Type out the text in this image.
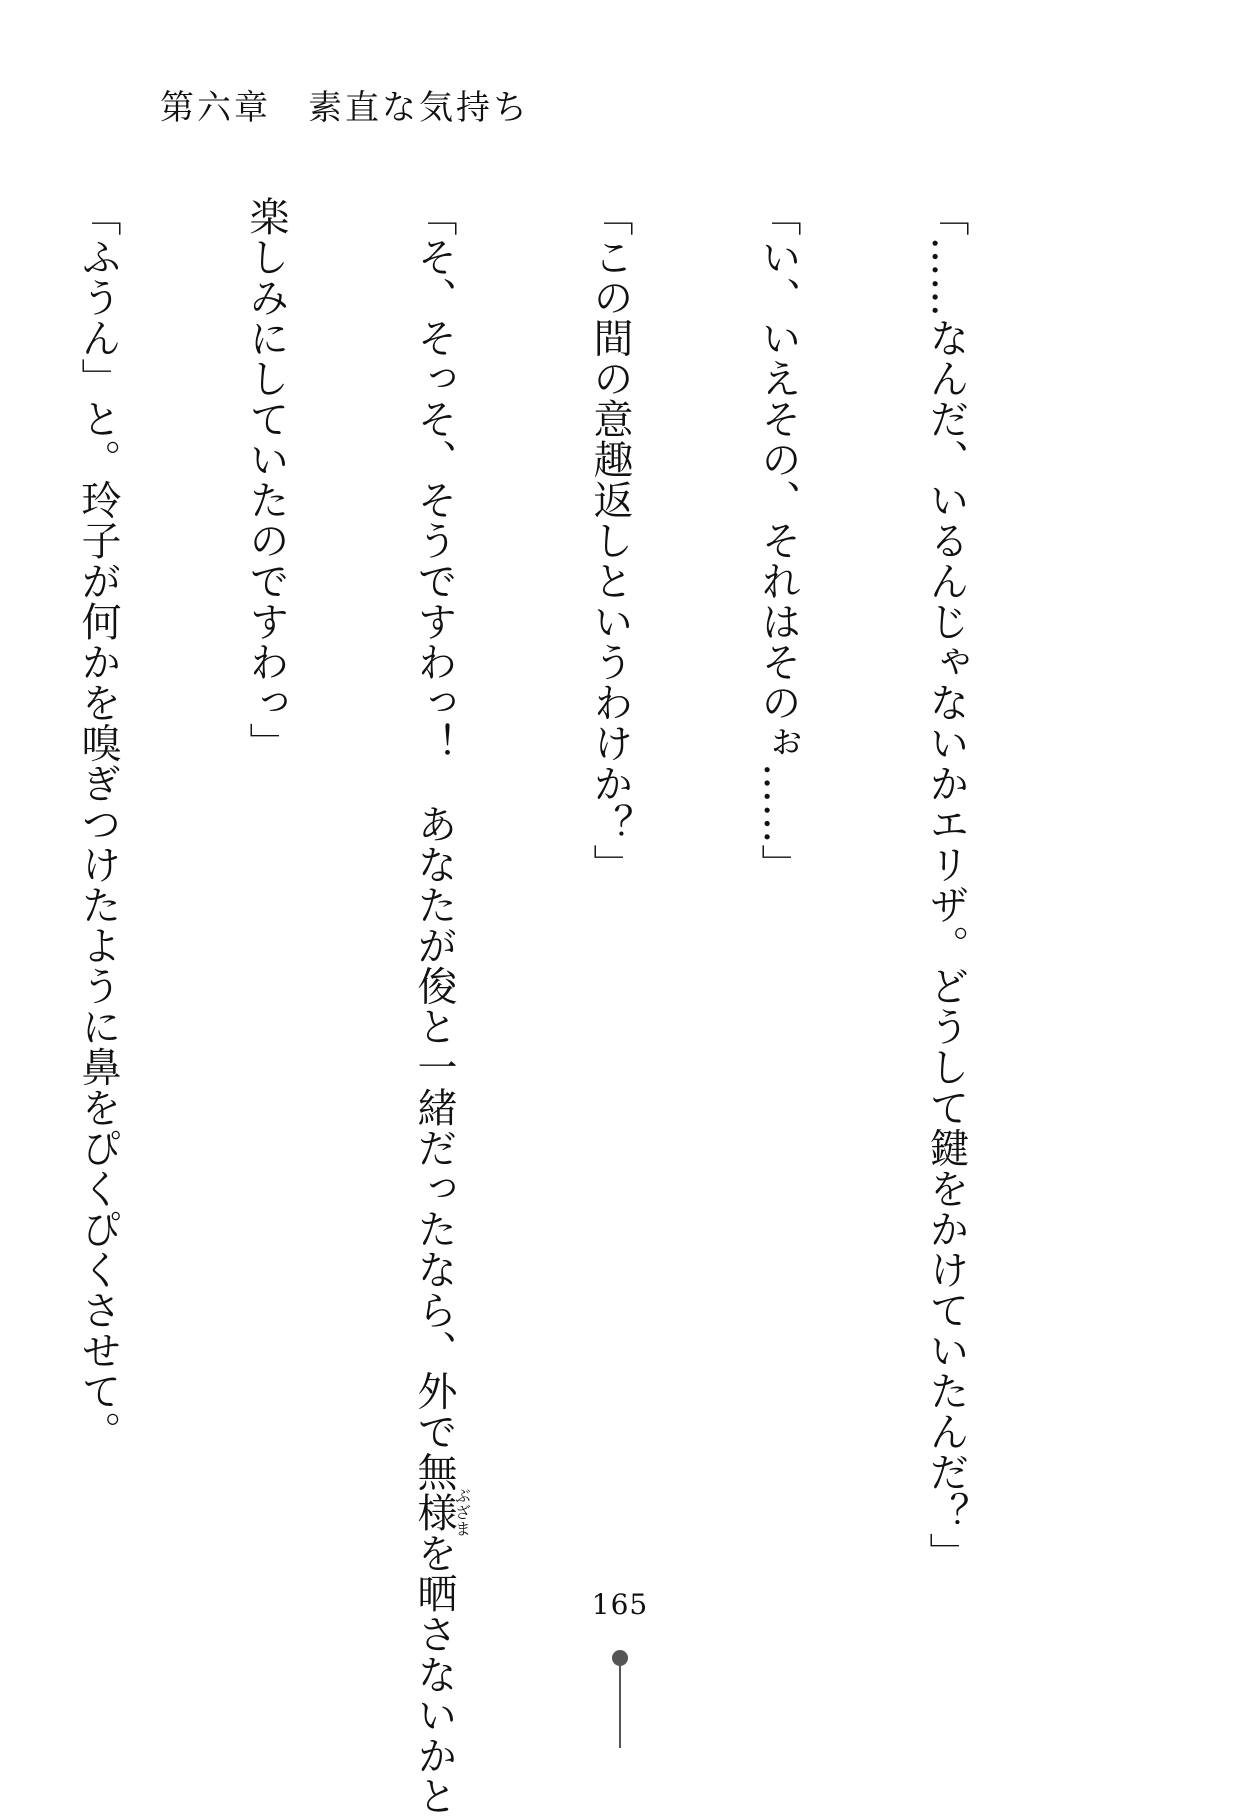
第六章　素直な気持ち

「……なんだ、いるんじゃないかエリザ。どうして鍵をかけていたんだ？」

「い、いえその、それはそのぉ……」

「この間の意趣返しというわけか？」

「そ、そっそ、そうですわっ！　あなたが俊と一緒だったなら、外で無様ぶざまを晒さないかと

楽しみにしていたのですわっ」

「ふうん」と。玲子が何かを嗅ぎつけたように鼻をぴくぴくさせて。

165
